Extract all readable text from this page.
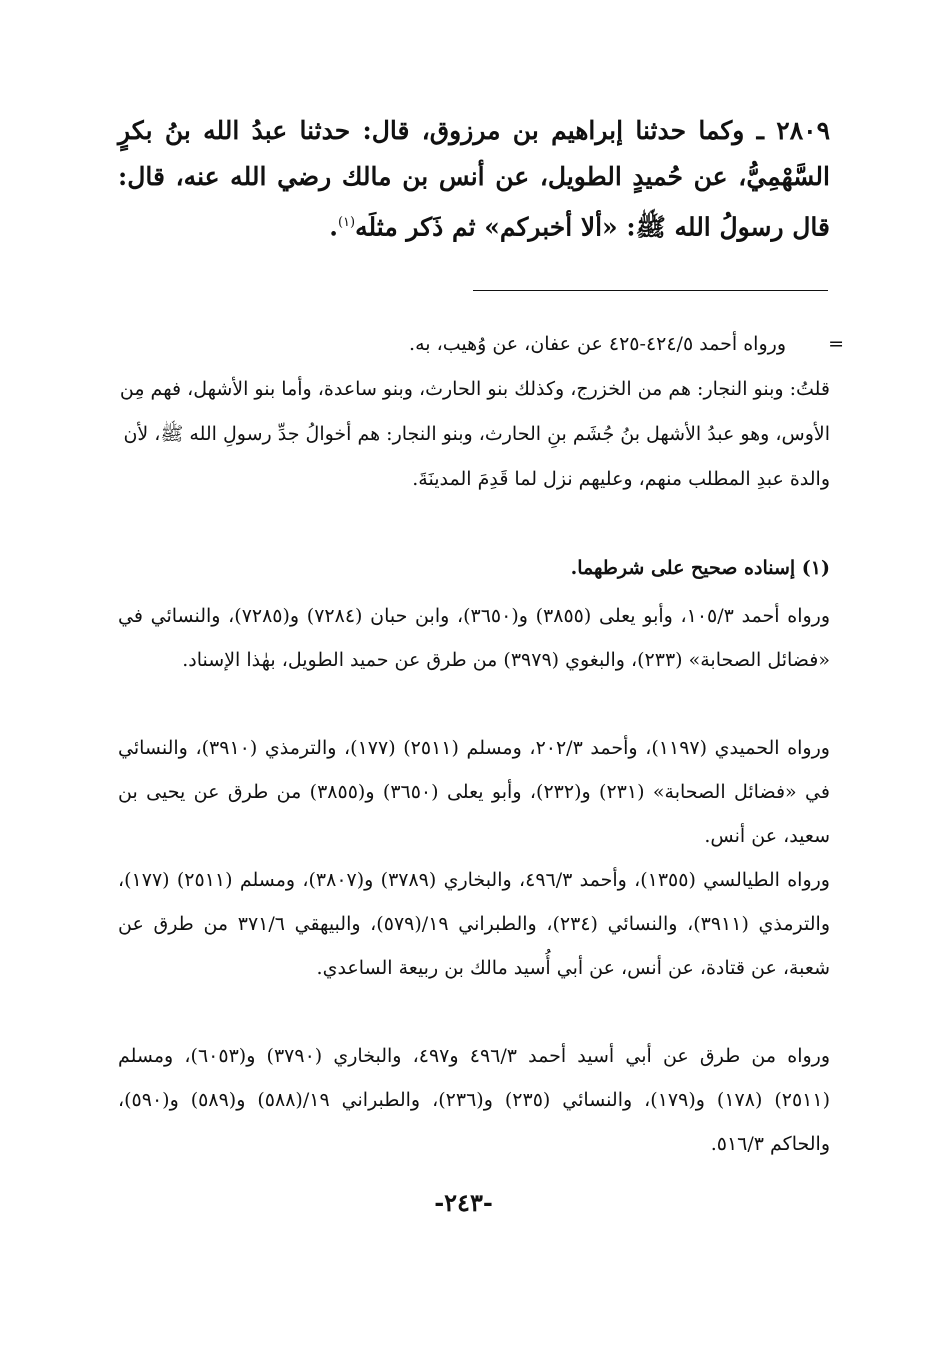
٢٨٠٩ ـ وكما حدثنا إبراهيم بن مرزوق، قال: حدثنا عبدُ الله بنُ بكرٍ السَّهْمِيُّ، عن حُميدٍ الطويل، عن أنس بن مالك رضي الله عنه، قال: قال رسولُ الله ﷺ: «ألا أخبركم» ثم ذَكر مثلَه$^{(١)}$.

=
ورواه أحمد ٤٢٤/٥-٤٢٥ عن عفان، عن وُهيب، به.
قلتُ: وبنو النجار: هم من الخزرج، وكذلك بنو الحارث، وبنو ساعدة، وأما بنو الأشهل، فهم مِن الأوس، وهو عبدُ الأشهل بنُ جُشَم بنِ الحارث، وبنو النجار: هم أخوالُ جدِّ رسولِ الله ﷺ، لأن والدة عبدِ المطلب منهم، وعليهم نزل لما قَدِمَ المدينَةَ.

(١) إسناده صحيح على شرطهما.

ورواه أحمد ١٠٥/٣، وأبو يعلى (٣٨٥٥) و(٣٦٥٠)، وابن حبان (٧٢٨٤) و(٧٢٨٥)، والنسائي في «فضائل الصحابة» (٢٣٣)، والبغوي (٣٩٧٩) من طرق عن حميد الطويل، بهٰذا الإسناد.

ورواه الحميدي (١١٩٧)، وأحمد ٢٠٢/٣، ومسلم (٢٥١١) (١٧٧)، والترمذي (٣٩١٠)، والنسائي في «فضائل الصحابة» (٢٣١) و(٢٣٢)، وأبو يعلى (٣٦٥٠) و(٣٨٥٥) من طرق عن يحيى بن سعيد، عن أنس.

ورواه الطيالسي (١٣٥٥)، وأحمد ٤٩٦/٣، والبخاري (٣٧٨٩) و(٣٨٠٧)، ومسلم (٢٥١١) (١٧٧)، والترمذي (٣٩١١)، والنسائي (٢٣٤)، والطبراني ١٩/(٥٧٩)، والبيهقي ٣٧١/٦ من طرق عن شعبة، عن قتادة، عن أنس، عن أبي أُسيد مالك بن ربيعة الساعدي.

ورواه من طرق عن أبي أسيد أحمد ٤٩٦/٣ و٤٩٧، والبخاري (٣٧٩٠) و(٦٠٥٣)، ومسلم (٢٥١١) (١٧٨) و(١٧٩)، والنسائي (٢٣٥) و(٢٣٦)، والطبراني ١٩/(٥٨٨) و(٥٨٩) و(٥٩٠)، والحاكم ٥١٦/٣.

-٢٤٣-
